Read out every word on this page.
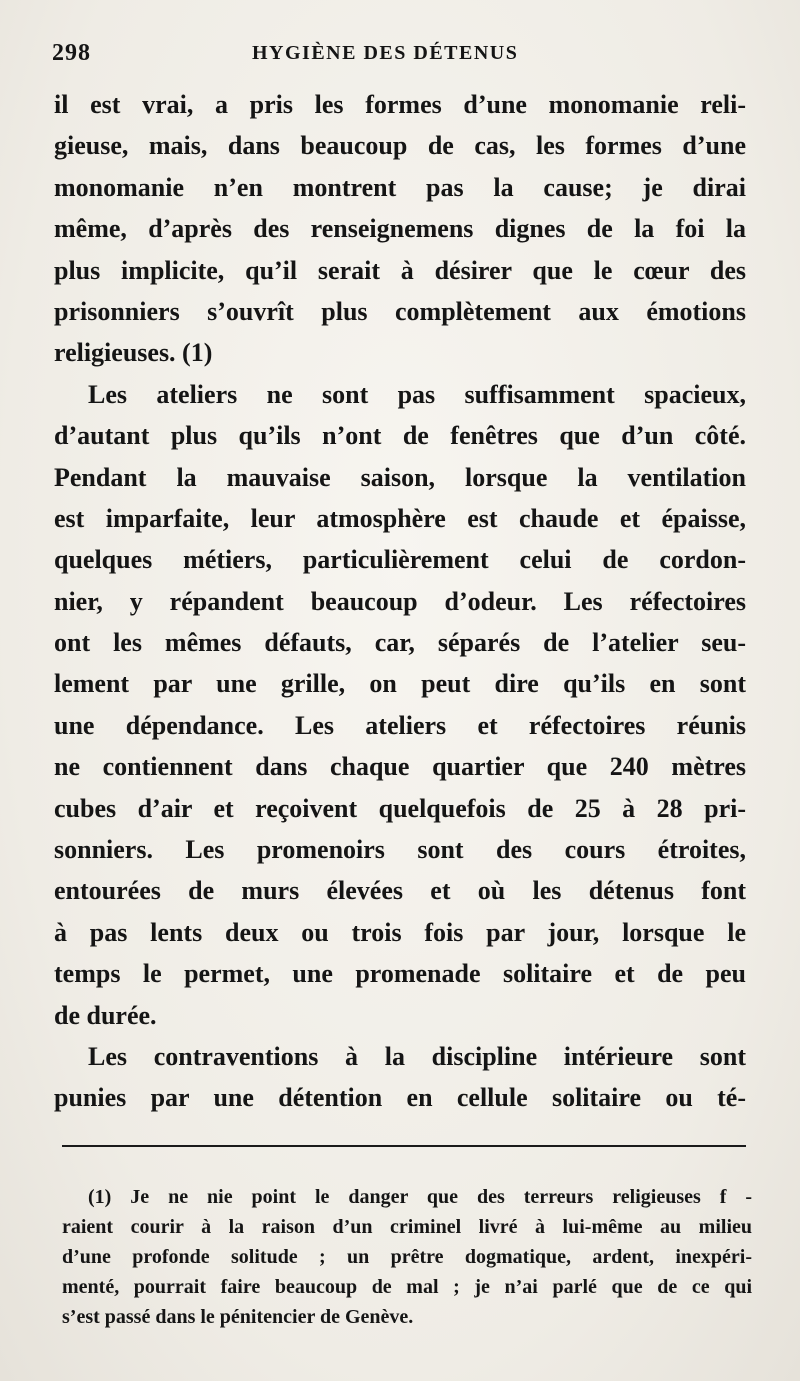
298	HYGIÈNE DES DÉTENUS
il est vrai, a pris les formes d’une monomanie reli-
gieuse, mais, dans beaucoup de cas, les formes d’une
monomanie n’en montrent pas la cause; je dirai
même, d’après des renseignemens dignes de la foi la
plus implicite, qu’il serait à désirer que le cœur des
prisonniers s’ouvrît plus complètement aux émotions
religieuses. (1)
Les ateliers ne sont pas suffisamment spacieux,
d’autant plus qu’ils n’ont de fenêtres que d’un côté.
Pendant la mauvaise saison, lorsque la ventilation
est imparfaite, leur atmosphère est chaude et épaisse,
quelques métiers, particulièrement celui de cordon-
nier, y répandent beaucoup d’odeur. Les réfectoires
ont les mêmes défauts, car, séparés de l’atelier seu-
lement par une grille, on peut dire qu’ils en sont
une dépendance. Les ateliers et réfectoires réunis
ne contiennent dans chaque quartier que 240 mètres
cubes d’air et reçoivent quelquefois de 25 à 28 pri-
sonniers. Les promenoirs sont des cours étroites,
entourées de murs élevées et où les détenus font
à pas lents deux ou trois fois par jour, lorsque le
temps le permet, une promenade solitaire et de peu
de durée.
Les contraventions à la discipline intérieure sont
punies par une détention en cellule solitaire ou té-
(1) Je ne nie point le danger que des terreurs religieuses f -
raient courir à la raison d’un criminel livré à lui-même au milieu
d’une profonde solitude ; un prêtre dogmatique, ardent, inexpéri-
menté, pourrait faire beaucoup de mal ; je n’ai parlé que de ce qui
s’est passé dans le pénitencier de Genève.
